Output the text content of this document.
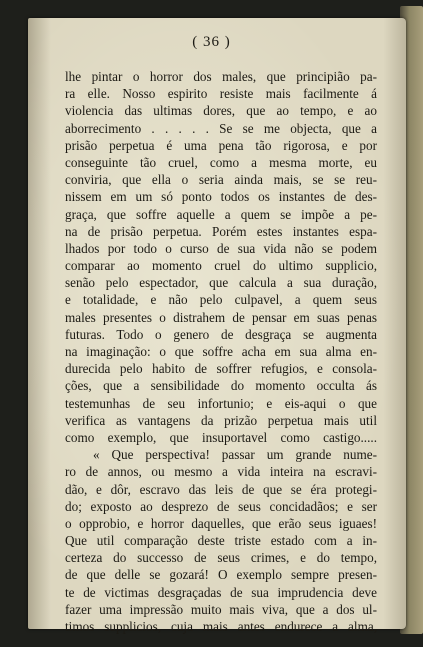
( 36 )
lhe pintar o horror dos males, que principião pa-
ra elle. Nosso espirito resiste mais facilmente á
violencia das ultimas dores, que ao tempo, e ao
aborrecimento . . . . . Se se me objecta, que a
prisão perpetua é uma pena tão rigorosa, e por
conseguinte tão cruel, como a mesma morte, eu
conviria, que ella o seria ainda mais, se se reu-
nissem em um só ponto todos os instantes de des-
graça, que soffre aquelle a quem se impõe a pe-
na de prisão perpetua. Porém estes instantes espa-
lhados por todo o curso de sua vida não se podem
comparar ao momento cruel do ultimo supplicio,
senão pelo espectador, que calcula a sua duração,
e totalidade, e não pelo culpavel, a quem seus
males presentes o distrahem de pensar em suas penas
futuras. Todo o genero de desgraça se augmenta
na imaginação: o que soffre acha em sua alma en-
durecida pelo habito de soffrer refugios, e consola-
ções, que a sensibilidade do momento occulta ás
testemunhas de seu infortunio; e eis-aqui o que
verifica as vantagens da prizão perpetua mais util
como exemplo, que insuportavel como castigo.....
« Que perspectiva! passar um grande nume-
ro de annos, ou mesmo a vida inteira na escravi-
dão, e dôr, escravo das leis de que se éra protegi-
do; exposto ao desprezo de seus concidadãos; e ser
o opprobio, e horror daquelles, que erão seus iguaes!
Que util comparação deste triste estado com a in-
certeza do successo de seus crimes, e do tempo,
de que delle se gozará! O exemplo sempre presen-
te de victimas desgraçadas de sua imprudencia deve
fazer uma impressão muito mais viva, que a dos ul-
timos supplicios, cuja mais antes endurece a alma,
